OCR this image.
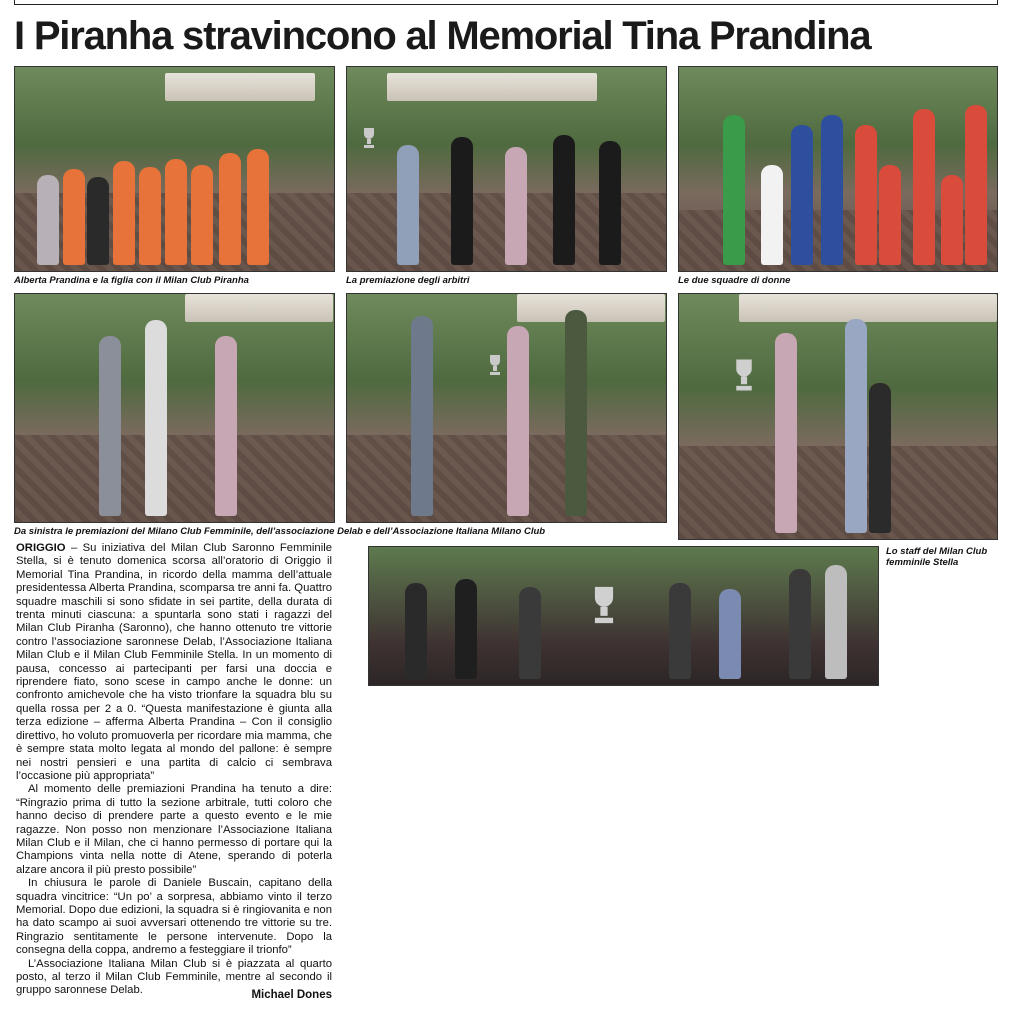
I Piranha stravincono al Memorial Tina Prandina
Alberta Prandina e la figlia con il Milan Club Piranha	La premiazione degli arbitri	Le due squadre di donne
Da sinistra le premiazioni del Milano Club Femminile, dell’associazione Delab e dell’Associazione Italiana Milano Club
Lo staff del Milan Club femminile Stella

ORIGGIO – Su iniziativa del Milan Club Saronno Femminile Stella, si è tenuto domenica scorsa all’oratorio di Origgio il Memorial Tina Prandina, in ricordo della mamma dell’attuale presidentessa Alberta Prandina, scomparsa tre anni fa. Quattro squadre maschili si sono sfidate in sei partite, della durata di trenta minuti ciascuna: a spuntarla sono stati i ragazzi del Milan Club Piranha (Saronno), che hanno ottenuto tre vittorie contro l’associazione saronnese Delab, l’Associazione Italiana Milan Club e il Milan Club Femminile Stella. In un momento di pausa, concesso ai partecipanti per farsi una doccia e riprendere fiato, sono scese in campo anche le donne: un confronto amichevole che ha visto trionfare la squadra blu su quella rossa per 2 a 0. “Questa manifestazione è giunta alla terza edizione – afferma Alberta Prandina – Con il consiglio direttivo, ho voluto promuoverla per ricordare mia mamma, che è sempre stata molto legata al mondo del pallone: è sempre nei nostri pensieri e una partita di calcio ci sembrava l’occasione più appropriata”

Al momento delle premiazioni Prandina ha tenuto a dire: “Ringrazio prima di tutto la sezione arbitrale, tutti coloro che hanno deciso di prendere parte a questo evento e le mie ragazze. Non posso non menzionare l’Associazione Italiana Milan Club e il Milan, che ci hanno permesso di portare qui la Champions vinta nella notte di Atene, sperando di poterla alzare ancora il più presto possibile”

In chiusura le parole di Daniele Buscain, capitano della squadra vincitrice: “Un po’ a sorpresa, abbiamo vinto il terzo Memorial. Dopo due edizioni, la squadra si è ringiovanita e non ha dato scampo ai suoi avversari ottenendo tre vittorie su tre. Ringrazio sentitamente le persone intervenute. Dopo la consegna della coppa, andremo a festeggiare il trionfo”

L’Associazione Italiana Milan Club si è piazzata al quarto posto, al terzo il Milan Club Femminile, mentre al secondo il gruppo saronnese Delab.	Michael Dones
